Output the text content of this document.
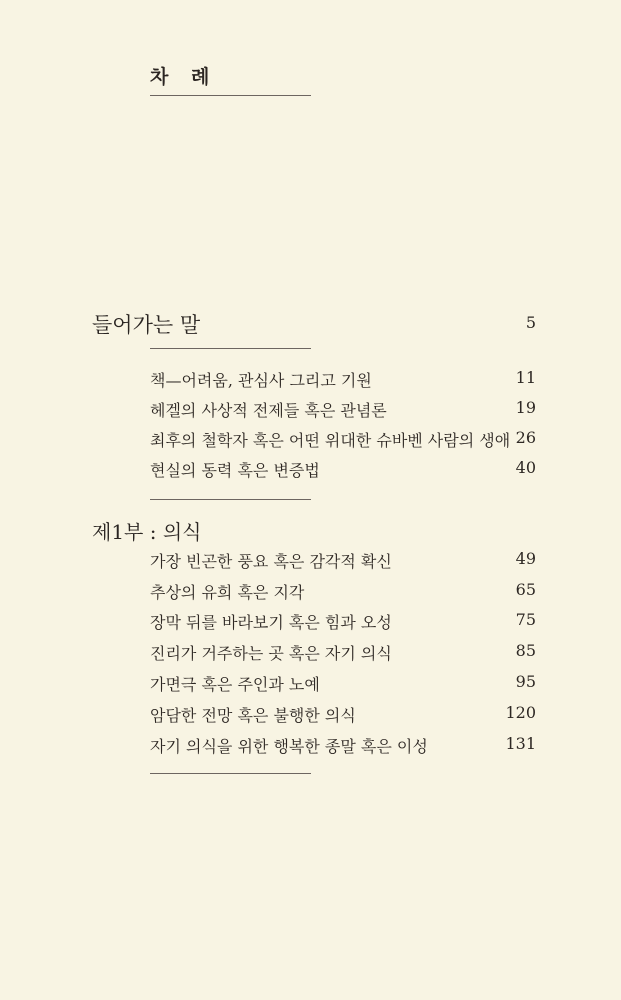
차 례
들어가는 말	5
책—어려움, 관심사 그리고 기원	11
헤겔의 사상적 전제들 혹은 관념론	19
최후의 철학자 혹은 어떤 위대한 슈바벤 사람의 생애 26
현실의 동력 혹은 변증법	40
제1부 : 의식
가장 빈곤한 풍요 혹은 감각적 확신	49
추상의 유희 혹은 지각	65
장막 뒤를 바라보기 혹은 힘과 오성	75
진리가 거주하는 곳 혹은 자기 의식	85
가면극 혹은 주인과 노예	95
암담한 전망 혹은 불행한 의식	120
자기 의식을 위한 행복한 종말 혹은 이성	131
